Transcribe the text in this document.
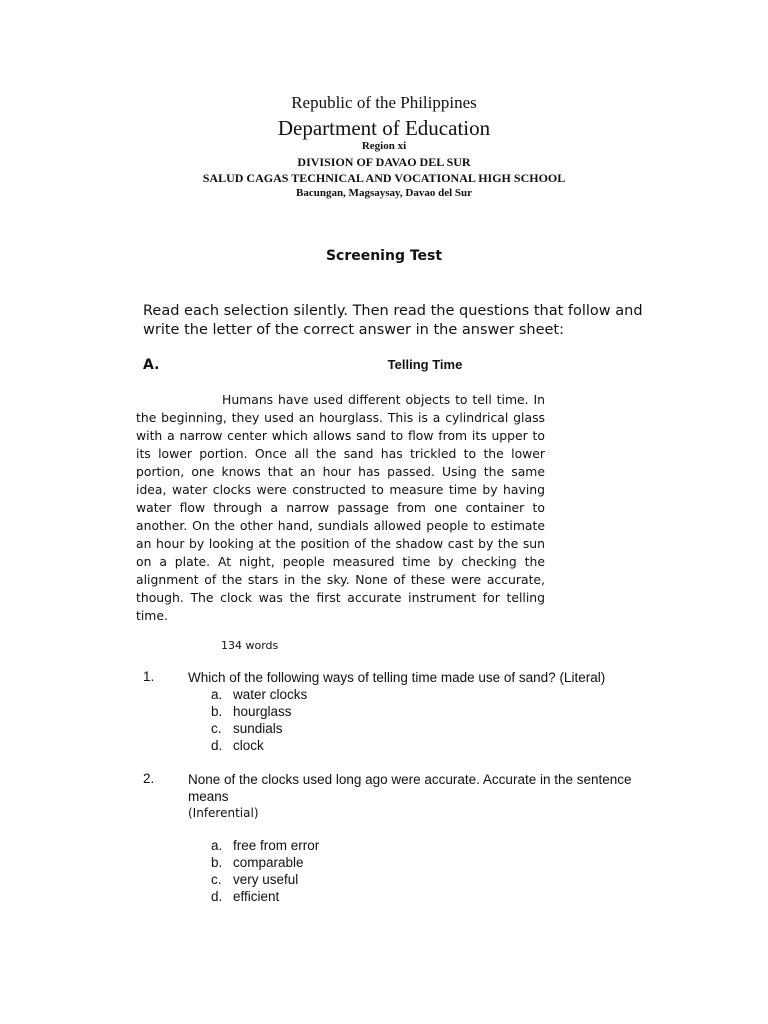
Republic of the Philippines
Department of Education
Region xi
DIVISION OF DAVAO DEL SUR
SALUD CAGAS TECHNICAL AND VOCATIONAL HIGH SCHOOL
Bacungan, Magsaysay, Davao del Sur
Screening Test
Read each selection silently. Then read the questions that follow and write the letter of the correct answer in the answer sheet:
A.	Telling Time
Humans have used different objects to tell time. In the beginning, they used an hourglass. This is a cylindrical glass with a narrow center which allows sand to flow from its upper to its lower portion. Once all the sand has trickled to the lower portion, one knows that an hour has passed. Using the same idea, water clocks were constructed to measure time by having water flow through a narrow passage from one container to another. On the other hand, sundials allowed people to estimate an hour by looking at the position of the shadow cast by the sun on a plate. At night, people measured time by checking the alignment of the stars in the sky. None of these were accurate, though. The clock was the first accurate instrument for telling time.
134 words
1. Which of the following ways of telling time made use of sand? (Literal)
a. water clocks
b. hourglass
c. sundials
d. clock
2. None of the clocks used long ago were accurate. Accurate in the sentence means
(Inferential)
a. free from error
b. comparable
c. very useful
d. efficient
